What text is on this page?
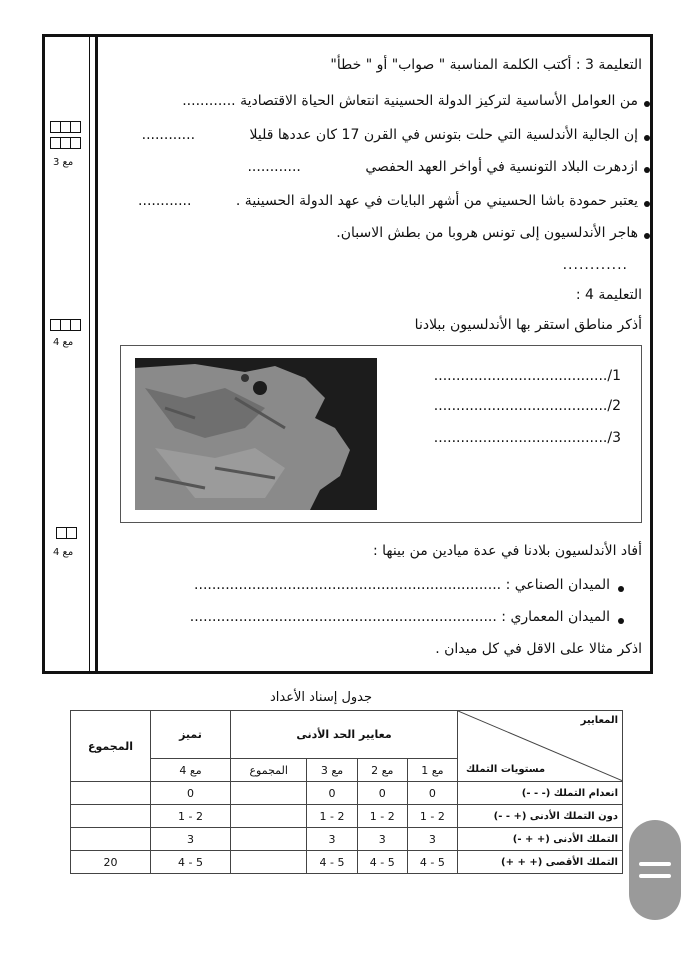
مع 3
مع 4
مع 4
التعليمة 3 : أكتب الكلمة المناسبة " صواب" أو " خطأ"
من العوامل الأساسية لتركيز الدولة الحسينية انتعاش الحياة الاقتصادية ............
إن الجالية الأندلسية التي حلت بتونس في القرن 17 كان عددها قليلا ............
ازدهرت البلاد التونسية في أواخر العهد الحفصي ............
يعتبر حمودة باشا الحسيني من أشهر البايات في عهد الدولة الحسينية . ............
هاجر الأندلسيون إلى تونس هروبا من بطش الاسبان.
............
التعليمة 4 :
أذكر مناطق استقر بها الأندلسيون ببلادنا
أفاد الأندلسيون بلادنا في عدة ميادين من بينها :
الميدان الصناعي : .....................................................................
الميدان المعماري : .....................................................................
اذكر مثالا على الاقل في كل ميدان .
1/.......................................
2/.......................................
3/.......................................
جدول إسناد الأعداد
المعايير
مستويات التملك	معايير الحد الأدنى				تميز	المجموع
	مع 1	مع 2	مع 3	المجموع	مع 4	
انعدام التملك (- - -)	0	0	0		0	
دون التملك الأدنى (+ - -)	2 - 1	2 - 1	2 - 1		2 - 1	
التملك الأدنى (+ + -)	3	3	3		3	
التملك الأقصى (+ + +)	5 - 4	5 - 4	5 - 4		5 - 4	20
